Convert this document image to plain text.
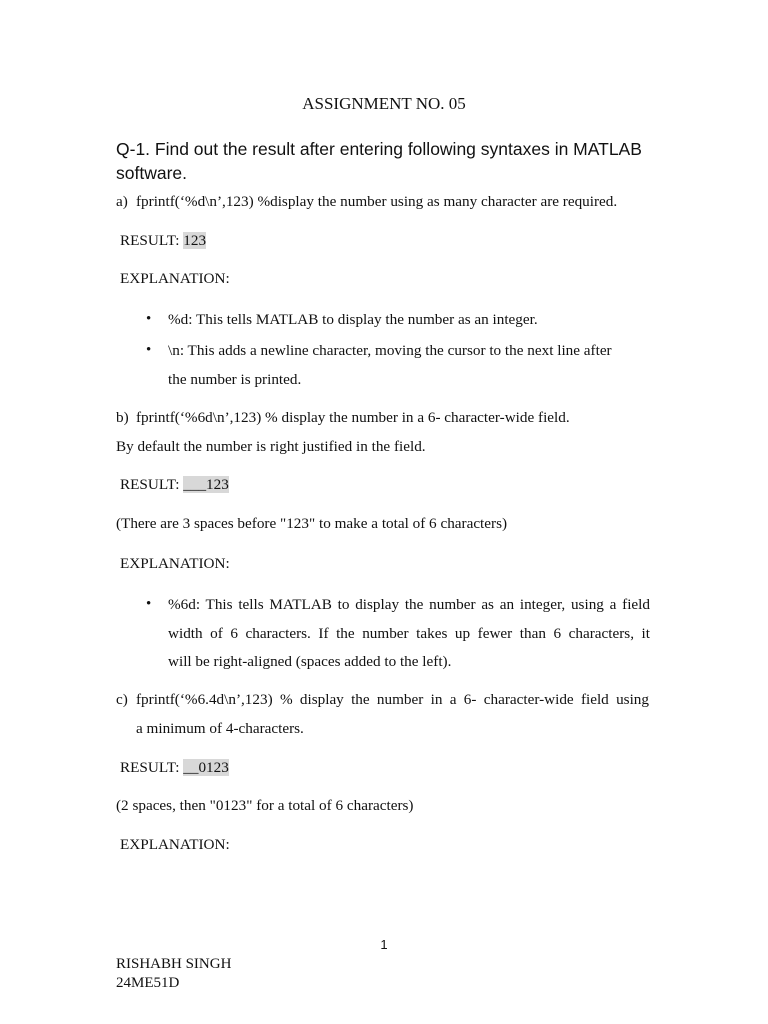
ASSIGNMENT NO. 05
Q-1. Find out the result after entering following syntaxes in MATLAB
software.
a) fprintf(‘%d\n’,123) %display the number using as many character are required.
RESULT: 123
EXPLANATION:
• %d: This tells MATLAB to display the number as an integer.
• \n: This adds a newline character, moving the cursor to the next line after
the number is printed.
b) fprintf(‘%6d\n’,123) % display the number in a 6- character-wide field.
By default the number is right justified in the field.
RESULT: ___123
(There are 3 spaces before "123" to make a total of 6 characters)
EXPLANATION:
• %6d: This tells MATLAB to display the number as an integer, using a field
width of 6 characters. If the number takes up fewer than 6 characters, it
will be right-aligned (spaces added to the left).
c) fprintf(‘%6.4d\n’,123) % display the number in a 6- character-wide field using
a minimum of 4-characters.
RESULT: __0123
(2 spaces, then "0123" for a total of 6 characters)
EXPLANATION:
1
RISHABH SINGH
24ME51D
